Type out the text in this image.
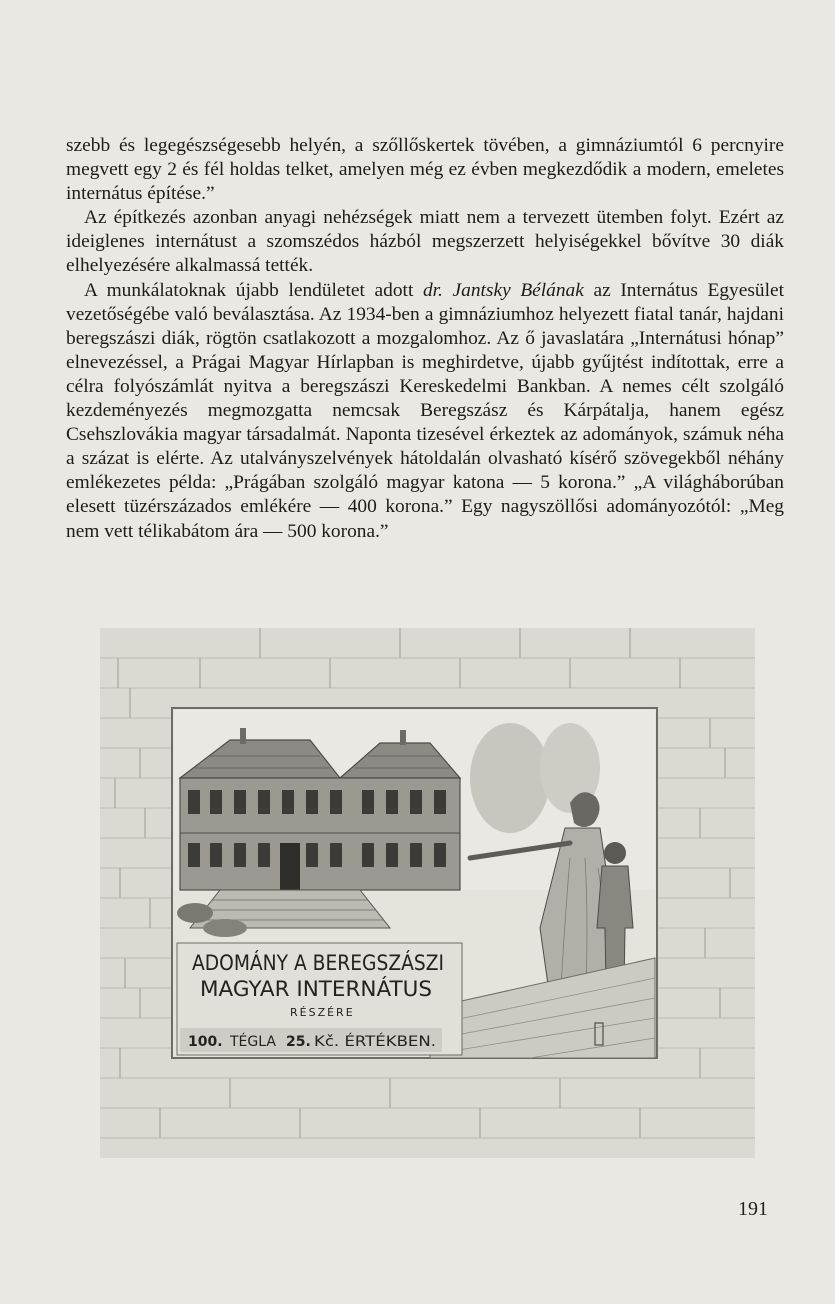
szebb és legegészségesebb helyén, a szőllőskertek tövében, a gimnáziumtól 6 percnyire megvett egy 2 és fél holdas telket, amelyen még ez évben megkezdődik a modern, emeletes internátus építése.”

Az építkezés azonban anyagi nehézségek miatt nem a tervezett ütemben folyt. Ezért az ideiglenes internátust a szomszédos házból megszerzett helyiségekkel bővítve 30 diák elhelyezésére alkalmassá tették.

A munkálatoknak újabb lendületet adott dr. Jantsky Bélának az Internátus Egyesület vezetőségébe való beválasztása. Az 1934-ben a gimnáziumhoz helyezett fiatal tanár, hajdani beregszászi diák, rögtön csatlakozott a mozgalomhoz. Az ő javaslatára „Internátusi hónap” elnevezéssel, a Prágai Magyar Hírlapban is meghirdetve, újabb gyűjtést indítottak, erre a célra folyószámlát nyitva a beregszászi Kereskedelmi Bankban. A nemes célt szolgáló kezdeményezés megmozgatta nemcsak Beregszász és Kárpátalja, hanem egész Csehszlovákia magyar társadalmát. Naponta tizesével érkeztek az adományok, számuk néha a százat is elérte. Az utalványszelvények hátoldalán olvasható kísérő szövegekből néhány emlékezetes példa: „Prágában szolgáló magyar katona — 5 korona.” „A világháborúban elesett tüzérszázados emlékére — 400 korona.” Egy nagyszöllősi adományozótól: „Meg nem vett télikabátom ára — 500 korona.”

ADOMÁNY A BEREGSZÁSZI
MAGYAR INTERNÁTUS
RÉSZÉRE
100. TÉGLA 25. Kč. ÉRTÉKBEN.
191
